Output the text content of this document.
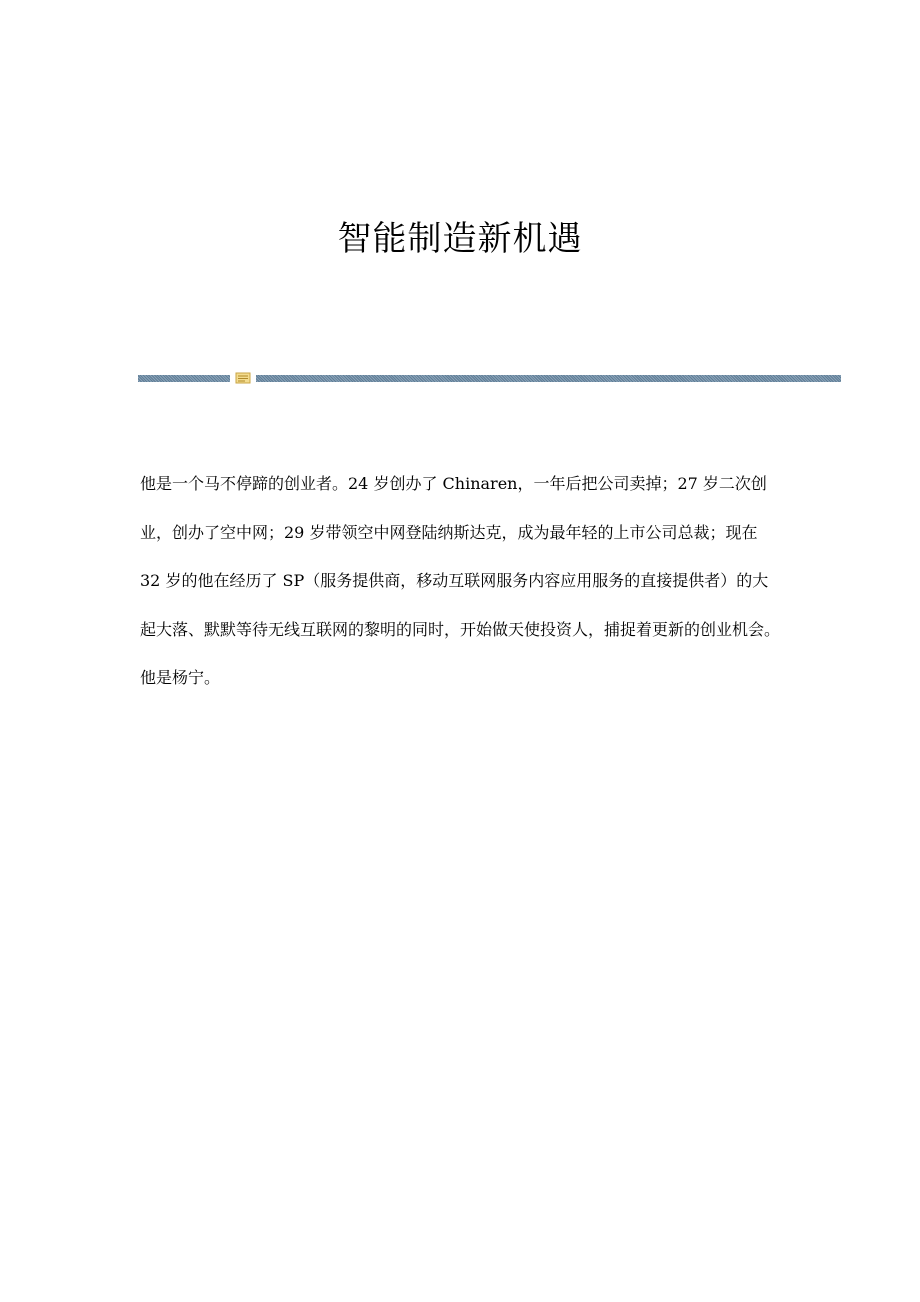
智能制造新机遇

他是一个马不停蹄的创业者。24 岁创办了 Chinaren，一年后把公司卖掉；27 岁二次创业，创办了空中网；29 岁带领空中网登陆纳斯达克，成为最年轻的上市公司总裁；现在 32 岁的他在经历了 SP（服务提供商，移动互联网服务内容应用服务的直接提供者）的大起大落、默默等待无线互联网的黎明的同时，开始做天使投资人，捕捉着更新的创业机会。

他是杨宁。
